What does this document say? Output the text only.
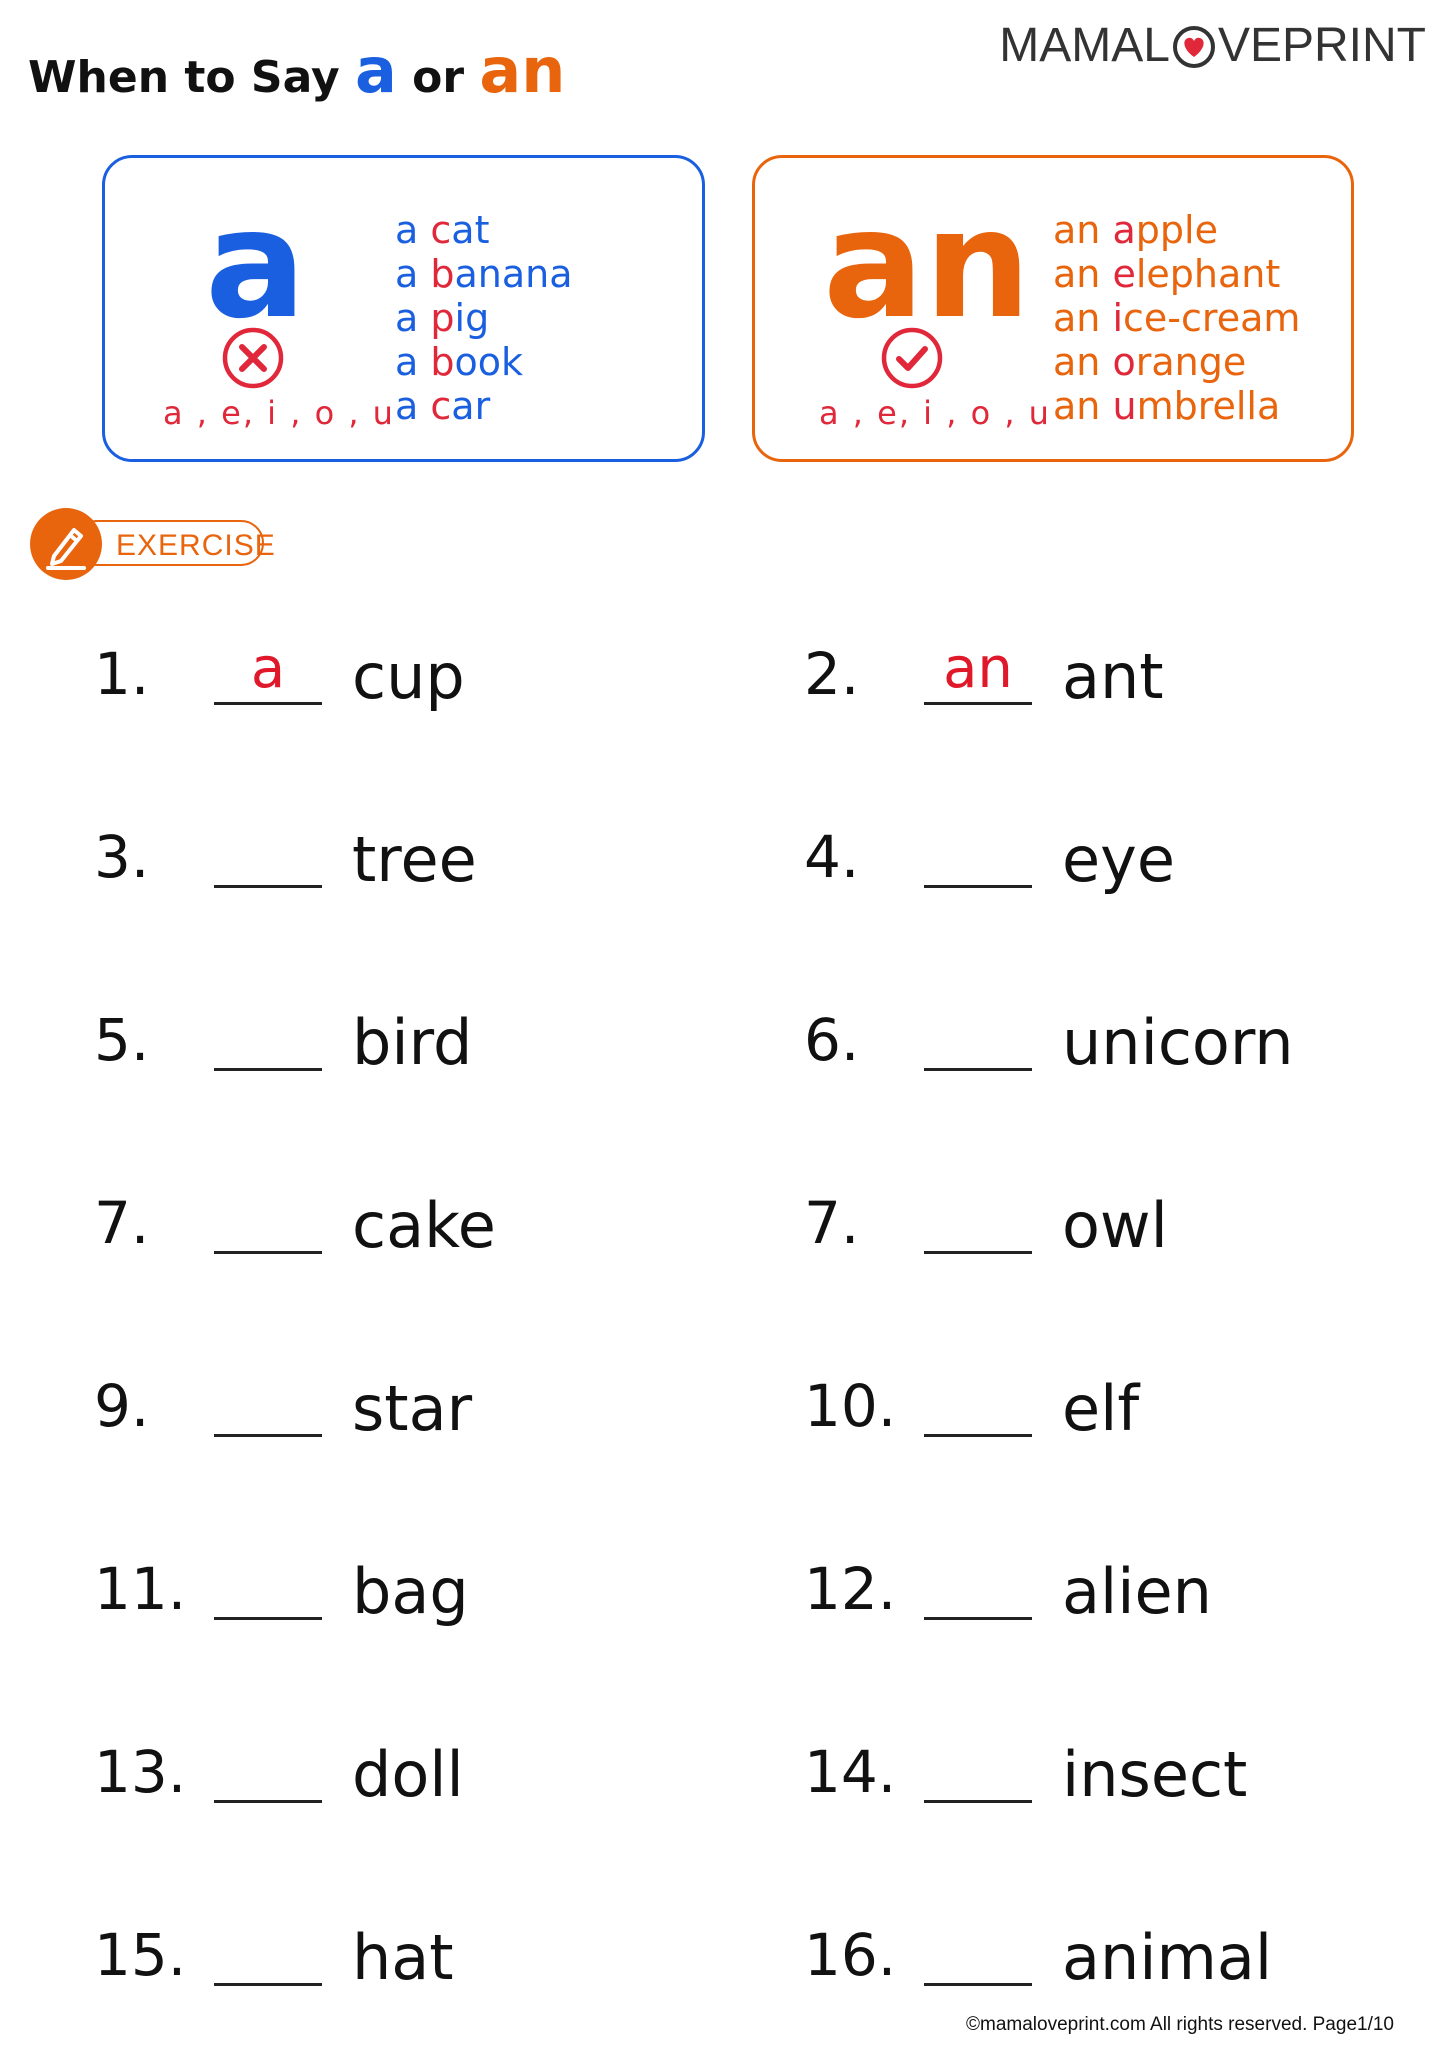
When to Say a or an	MAMAL VEPRINT
a
a , e, i , o , u
a cat
a banana
a pig
a book
a car
an
a , e, i , o , u
an apple
an elephant
an ice-cream
an orange
an umbrella
EXERCISE
1.	a	cup	2.	an ant
3.	tree	4.	eye
5.	bird	6.	unicorn
7.	cake	7.	owl
9.	star	10.	elf
11.	bag	12.	alien
13.	doll	14.	insect
15.	hat	16.	animal
©mamaloveprint.com All rights reserved. Page1/10
